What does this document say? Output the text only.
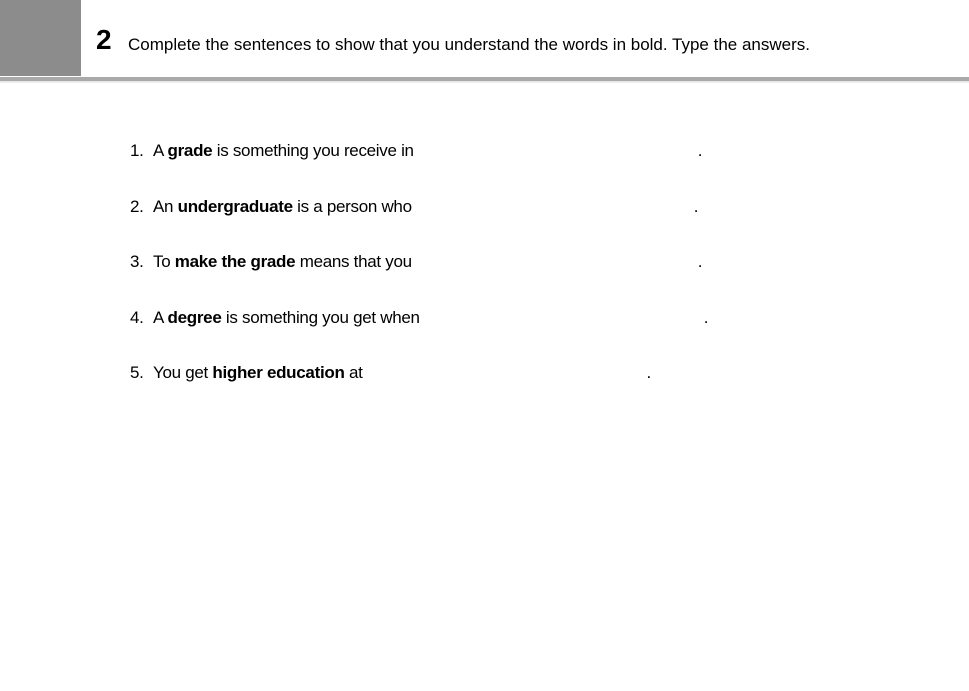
2 Complete the sentences to show that you understand the words in bold. Type the answers.
1. A grade is something you receive in	.
2. An undergraduate is a person who	.
3. To make the grade means that you	.
4. A degree is something you get when	.
5. You get higher education at	.
